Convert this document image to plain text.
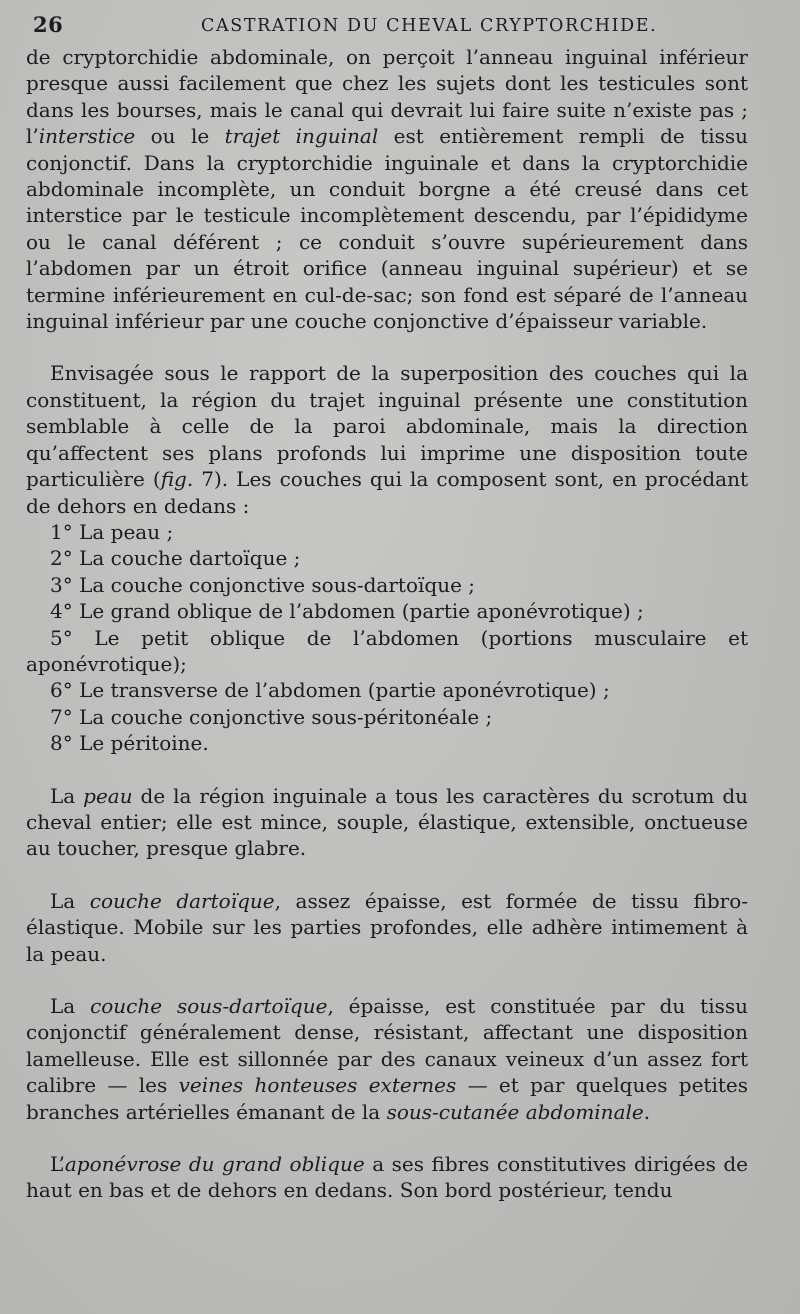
26	CASTRATION DU CHEVAL CRYPTORCHIDE.

de cryptorchidie abdominale, on perçoit l’anneau inguinal inférieur presque aussi facilement que chez les sujets dont les testicules sont dans les bourses, mais le canal qui devrait lui faire suite n’existe pas ; l’interstice ou le trajet inguinal est entièrement rempli de tissu conjonctif. Dans la cryptorchidie inguinale et dans la cryptorchidie abdominale incomplète, un conduit borgne a été creusé dans cet interstice par le testicule incomplètement descendu, par l’épididyme ou le canal déférent ; ce conduit s’ouvre supérieurement dans l’abdomen par un étroit orifice (anneau inguinal supérieur) et se termine inférieurement en cul-de-sac; son fond est séparé de l’anneau inguinal inférieur par une couche conjonctive d’épaisseur variable.

Envisagée sous le rapport de la superposition des couches qui la constituent, la région du trajet inguinal présente une constitution semblable à celle de la paroi abdominale, mais la direction qu’affectent ses plans profonds lui imprime une disposition toute particulière (fig. 7). Les couches qui la composent sont, en procédant de dehors en dedans :

1° La peau ;

2° La couche dartoïque ;

3° La couche conjonctive sous-dartoïque ;

4° Le grand oblique de l’abdomen (partie aponévrotique) ;

5° Le petit oblique de l’abdomen (portions musculaire et aponévrotique);

6° Le transverse de l’abdomen (partie aponévrotique) ;

7° La couche conjonctive sous-péritonéale ;

8° Le péritoine.

La peau de la région inguinale a tous les caractères du scrotum du cheval entier; elle est mince, souple, élastique, extensible, onctueuse au toucher, presque glabre.

La couche dartoïque, assez épaisse, est formée de tissu fibro-élastique. Mobile sur les parties profondes, elle adhère intimement à la peau.

La couche sous-dartoïque, épaisse, est constituée par du tissu conjonctif généralement dense, résistant, affectant une disposition lamelleuse. Elle est sillonnée par des canaux veineux d’un assez fort calibre — les veines honteuses externes — et par quelques petites branches artérielles émanant de la sous-cutanée abdominale.

L’aponévrose du grand oblique a ses fibres constitutives dirigées de haut en bas et de dehors en dedans. Son bord postérieur, tendu
